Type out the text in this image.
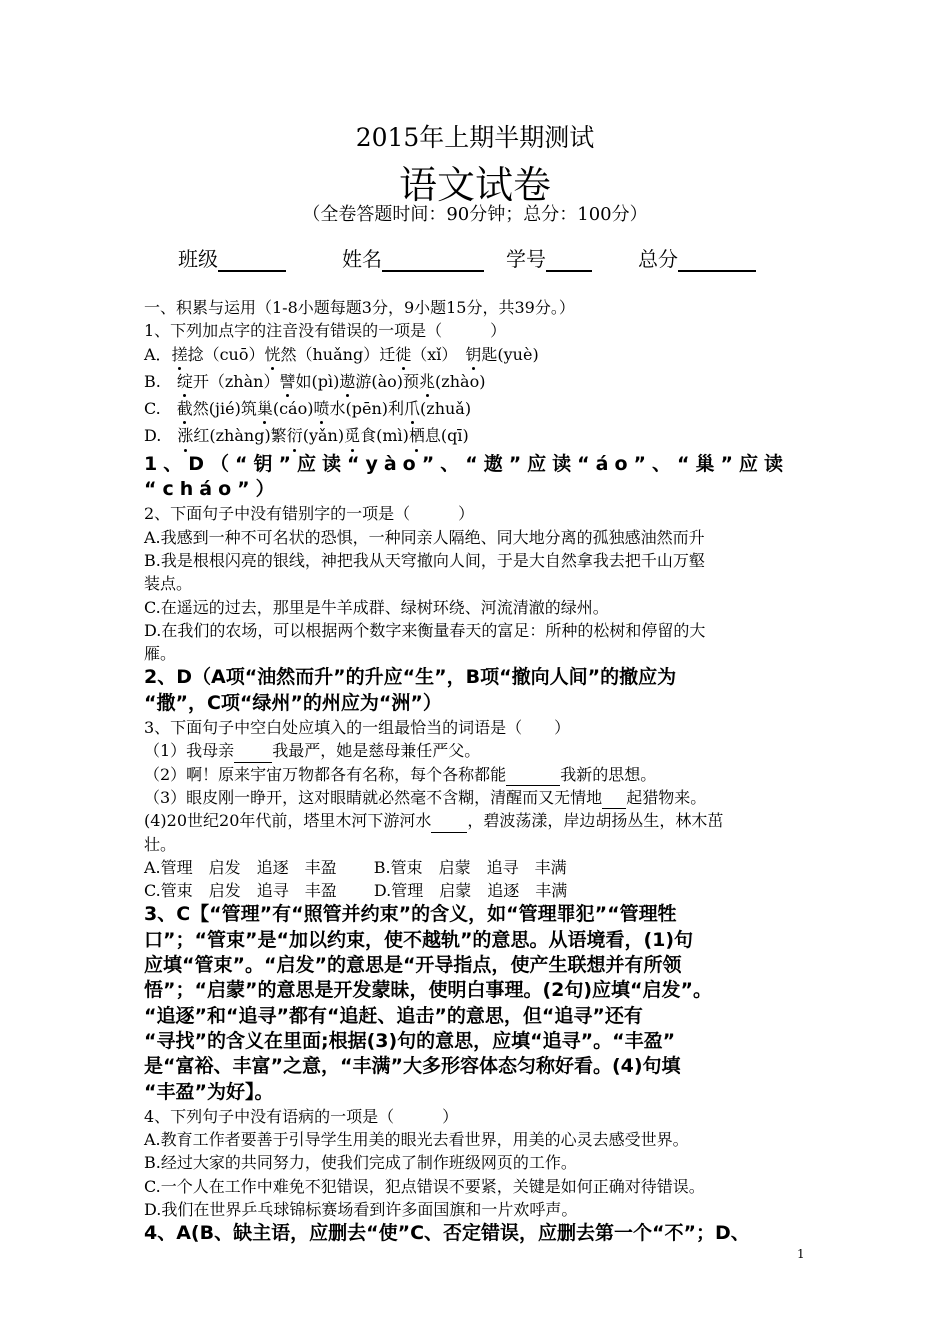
2015年上期半期测试
语文试卷
（全卷答题时间：90分钟；总分：100分）
班级	姓名	学号	总分
一、积累与运用（1-8小题每题3分，9小题15分，共39分。）
1、下列加点字的注音没有错误的一项是（　　　）
A．搓捻（cuō）恍然（huǎng）迁徙（xǐ）　钥匙(yuè)
B.　绽开（zhàn）譬如(pì)遨游(ào)预兆(zhào)
C.　截然(jié)筑巢(cáo)喷水(pēn)利爪(zhuǎ)
D.　涨红(zhàng)繁衍(yǎn)觅食(mì)栖息(qī)
1、D（“钥”应读“yào”、“遨”应读“áo”、“巢”应读
“cháo”）
2、下面句子中没有错别字的一项是（　　　）
A.我感到一种不可名状的恐惧，一种同亲人隔绝、同大地分离的孤独感油然而升
B.我是根根闪亮的银线，神把我从天穹撤向人间，于是大自然拿我去把千山万壑
装点。
C.在遥远的过去，那里是牛羊成群、绿树环绕、河流清澈的绿州。
D.在我们的农场，可以根据两个数字来衡量春天的富足：所种的松树和停留的大
雁。
2、D（A项“油然而升”的升应“生”，B项“撤向人间”的撤应为
“撒”，C项“绿州”的州应为“洲”）
3、下面句子中空白处应填入的一组最恰当的词语是（　　）
（1）我母亲 我最严，她是慈母兼任严父。
（2）啊！原来宇宙万物都各有名称，每个各称都能	我新的思想。
（3）眼皮刚一睁开，这对眼睛就必然毫不含糊，清醒而又无情地 起猎物来。
(4)20世纪20年代前，塔里木河下游河水 ，碧波荡漾，岸边胡扬丛生，林木茁
壮。
A.管理　启发　追逐　丰盈　　 B.管束　启蒙　追寻　丰满
C.管束　启发　追寻　丰盈　　 D.管理　启蒙　追逐　丰满
3、C【“管理”有“照管并约束”的含义，如“管理罪犯”“管理牲
口”；“管束”是“加以约束，使不越轨”的意思。从语境看，(1)句
应填“管束”。“启发”的意思是“开导指点，使产生联想并有所领
悟”；“启蒙”的意思是开发蒙昧，使明白事理。(2句)应填“启发”。
“追逐”和“追寻”都有“追赶、追击”的意思，但“追寻”还有
“寻找”的含义在里面;根据(3)句的意思，应填“追寻”。“丰盈”
是“富裕、丰富”之意，“丰满”大多形容体态匀称好看。(4)句填
“丰盈”为好】。
4、下列句子中没有语病的一项是（　　　）
A.教育工作者要善于引导学生用美的眼光去看世界，用美的心灵去感受世界。
B.经过大家的共同努力，使我们完成了制作班级网页的工作。
C.一个人在工作中难免不犯错误，犯点错误不要紧，关键是如何正确对待错误。
D.我们在世界乒乓球锦标赛场看到许多面国旗和一片欢呼声。
4、A(B、缺主语，应删去“使”C、否定错误，应删去第一个“不”；D、
1
